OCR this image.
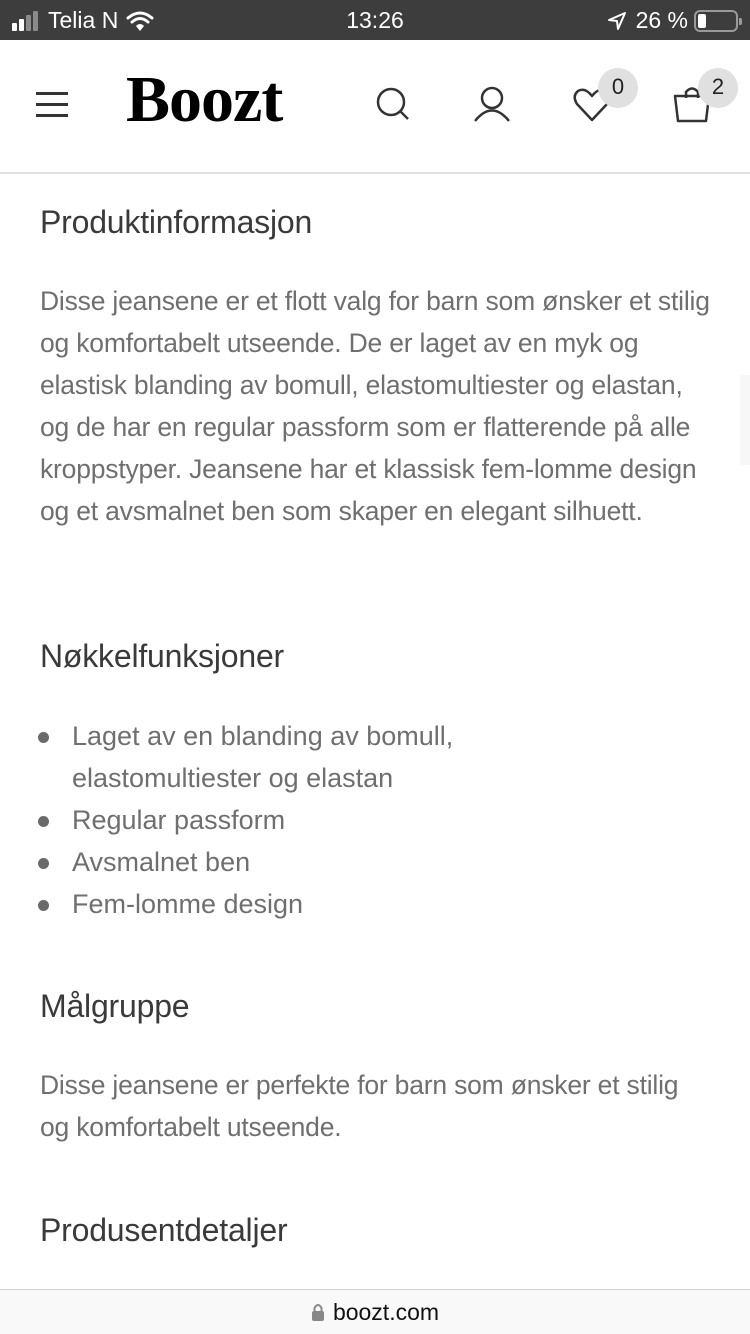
Telia N	13:26	26 %
Boozt	0	2
Produktinformasjon

Disse jeansene er et flott valg for barn som ønsker et stilig og komfortabelt utseende. De er laget av en myk og elastisk blanding av bomull, elastomultiester og elastan, og de har en regular passform som er flatterende på alle kroppstyper. Jeansene har et klassisk fem-lomme design og et avsmalnet ben som skaper en elegant silhuett.

Nøkkelfunksjoner
Laget av en blanding av bomull, elastomultiester og elastan
Regular passform
Avsmalnet ben
Fem-lomme design
Målgruppe

Disse jeansene er perfekte for barn som ønsker et stilig og komfortabelt utseende.

Produsentdetaljer
boozt.com
